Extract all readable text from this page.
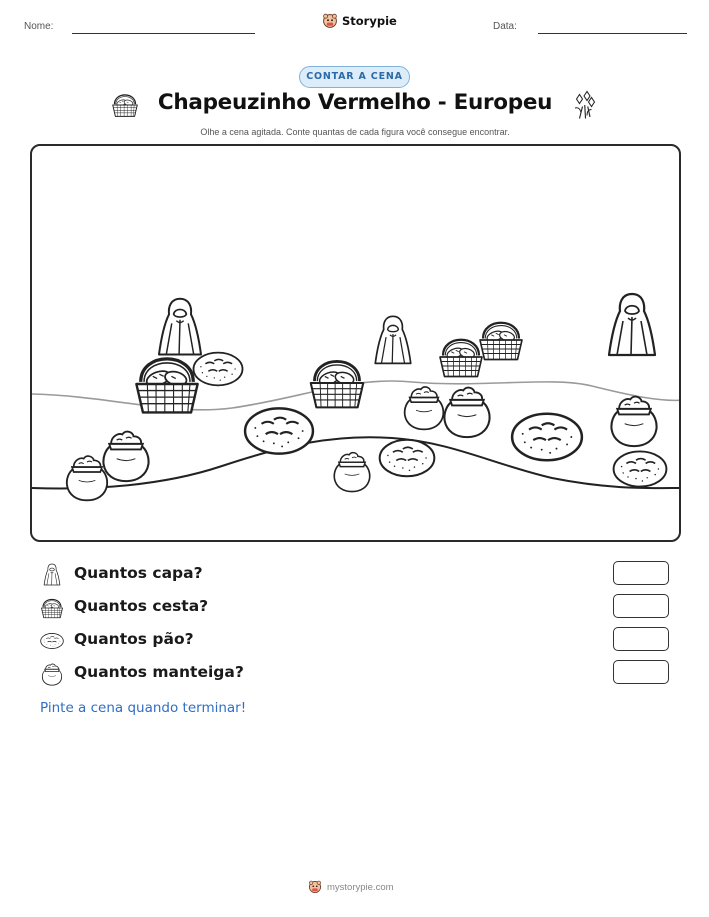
Nome:	Storypie	Data:
CONTAR A CENA
Chapeuzinho Vermelho - Europeu
Olhe a cena agitada. Conte quantas de cada figura você consegue encontrar.
Quantos capa?
Quantos cesta?
Quantos pão?
Quantos manteiga?
Pinte a cena quando terminar!
mystorypie.com
